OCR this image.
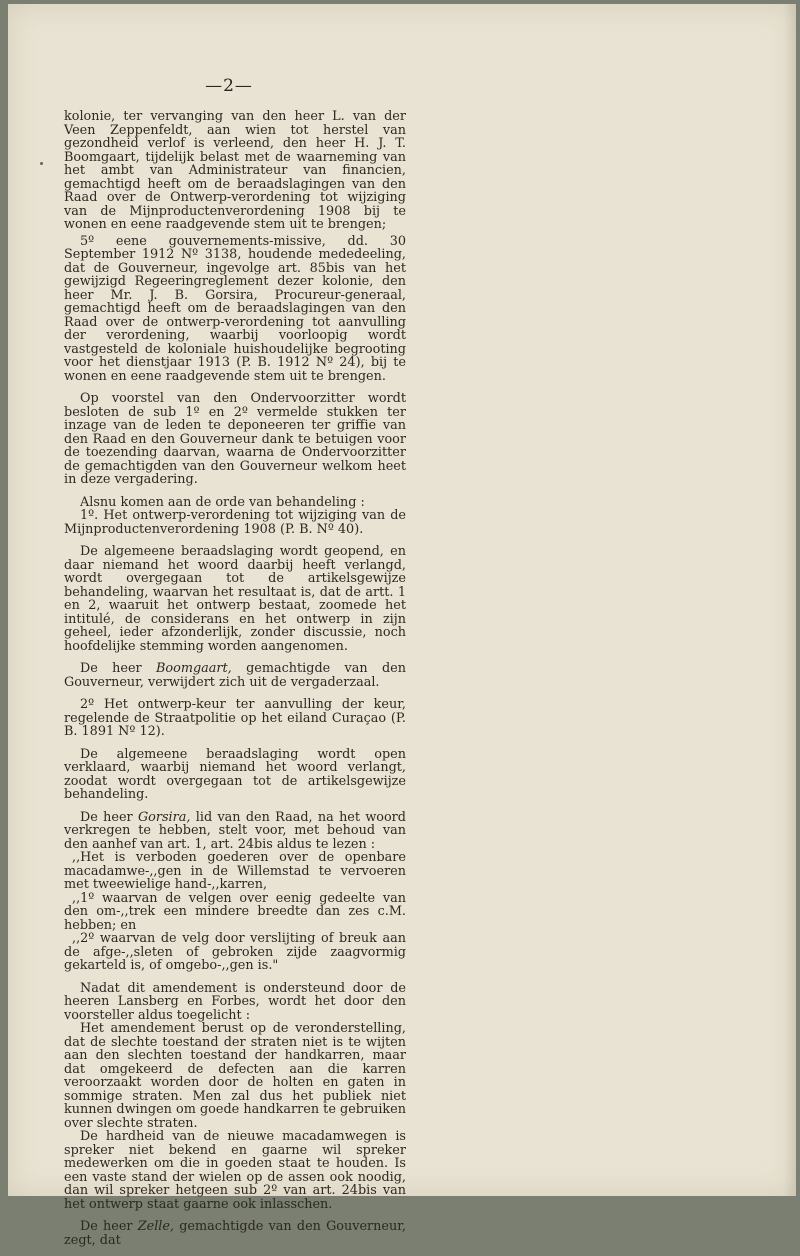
—2—

kolonie, ter vervanging van den heer L. van der Veen Zeppenfeldt, aan wien tot herstel van gezondheid verlof is verleend, den heer H. J. T. Boomgaart, tijdelijk belast met de waarneming van het ambt van Administrateur van financien, gemachtigd heeft om de beraadslagingen van den Raad over de Ontwerp-verordening tot wijziging van de Mijnproductenverordening 1908 bij te wonen en eene raadgevende stem uit te brengen;

5º eene gouvernements-missive, dd. 30 September 1912 Nº 3138, houdende mededeeling, dat de Gouverneur, ingevolge art. 85bis van het gewijzigd Regeeringreglement dezer kolonie, den heer Mr. J. B. Gorsira, Procureur-generaal, gemachtigd heeft om de beraadslagingen van den Raad over de ontwerp-verordening tot aanvulling der verordening, waarbij voorloopig wordt vastgesteld de koloniale huishoudelijke begrooting voor het dienstjaar 1913 (P. B. 1912 Nº 24), bij te wonen en eene raadgevende stem uit te brengen.

Op voorstel van den Ondervoorzitter wordt besloten de sub 1º en 2º vermelde stukken ter inzage van de leden te deponeeren ter griffie van den Raad en den Gouverneur dank te betuigen voor de toezending daarvan, waarna de Ondervoorzitter de gemachtigden van den Gouverneur welkom heet in deze vergadering.

Alsnu komen aan de orde van behandeling :

1º. Het ontwerp-verordening tot wijziging van de Mijnproductenverordening 1908 (P. B. Nº 40).

De algemeene beraadslaging wordt geopend, en daar niemand het woord daarbij heeft verlangd, wordt overgegaan tot de artikelsgewijze behandeling, waarvan het resultaat is, dat de artt. 1 en 2, waaruit het ontwerp bestaat, zoomede het intitulé, de considerans en het ontwerp in zijn geheel, ieder afzonderlijk, zonder discussie, noch hoofdelijke stemming worden aangenomen.

De heer Boomgaart, gemachtigde van den Gouverneur, verwijdert zich uit de vergaderzaal.

2º Het ontwerp-keur ter aanvulling der keur, regelende de Straatpolitie op het eiland Curaçao (P. B. 1891 Nº 12).

De algemeene beraadslaging wordt open verklaard, waarbij niemand het woord verlangt, zoodat wordt overgegaan tot de artikelsgewijze behandeling.

De heer Gorsira, lid van den Raad, na het woord verkregen te hebben, stelt voor, met behoud van den aanhef van art. 1, art. 24bis aldus te lezen :

,,Het is verboden goederen over de openbare macadamwe-,,gen in de Willemstad te vervoeren met tweewielige hand-,,karren,

,,1º waarvan de velgen over eenig gedeelte van den om-,,trek een mindere breedte dan zes c.M. hebben; en

,,2º waarvan de velg door verslijting of breuk aan de afge-,,sleten of gebroken zijde zaagvormig gekarteld is, of omgebo-,,gen is."

Nadat dit amendement is ondersteund door de heeren Lansberg en Forbes, wordt het door den voorsteller aldus toegelicht :

Het amendement berust op de veronderstelling, dat de slechte toestand der straten niet is te wijten aan den slechten toestand der handkarren, maar dat omgekeerd de defecten aan die karren veroorzaakt worden door de holten en gaten in sommige straten. Men zal dus het publiek niet kunnen dwingen om goede handkarren te gebruiken over slechte straten.

De hardheid van de nieuwe macadamwegen is spreker niet bekend en gaarne wil spreker medewerken om die in goeden staat te houden. Is een vaste stand der wielen op de assen ook noodig, dan wil spreker hetgeen sub 2º van art. 24bis van het ontwerp staat gaarne ook inlasschen.

De heer Zelle, gemachtigde van den Gouverneur, zegt, dat
